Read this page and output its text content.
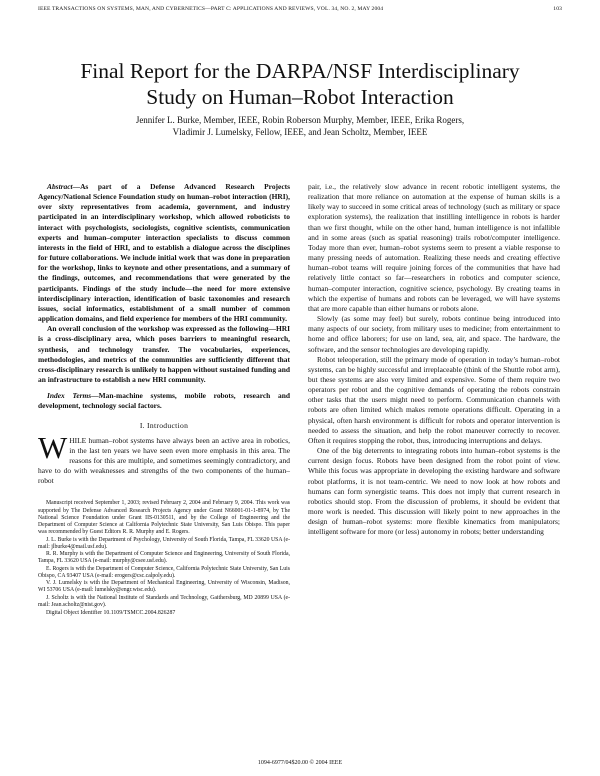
IEEE TRANSACTIONS ON SYSTEMS, MAN, AND CYBERNETICS—PART C: APPLICATIONS AND REVIEWS, VOL. 34, NO. 2, MAY 2004	103
Final Report for the DARPA/NSF Interdisciplinary
Study on Human–Robot Interaction
Jennifer L. Burke, Member, IEEE, Robin Roberson Murphy, Member, IEEE, Erika Rogers,
Vladimir J. Lumelsky, Fellow, IEEE, and Jean Scholtz, Member, IEEE

Abstract—As part of a Defense Advanced Research Projects Agency/National Science Foundation study on human–robot interaction (HRI), over sixty representatives from academia, government, and industry participated in an interdisciplinary workshop, which allowed roboticists to interact with psychologists, sociologists, cognitive scientists, communication experts and human–computer interaction specialists to discuss common interests in the field of HRI, and to establish a dialogue across the disciplines for future collaborations. We include initial work that was done in preparation for the workshop, links to keynote and other presentations, and a summary of the findings, outcomes, and recommendations that were generated by the participants. Findings of the study include—the need for more extensive interdisciplinary interaction, identification of basic taxonomies and research issues, social informatics, establishment of a small number of common application domains, and field experience for members of the HRI community.

An overall conclusion of the workshop was expressed as the following—HRI is a cross-disciplinary area, which poses barriers to meaningful research, synthesis, and technology transfer. The vocabularies, experiences, methodologies, and metrics of the communities are sufficiently different that cross-disciplinary research is unlikely to happen without sustained funding and an infrastructure to establish a new HRI community.

Index Terms—Man-machine systems, mobile robots, research and development, technology social factors.

I. Introduction

WHILE human–robot systems have always been an active area in robotics, in the last ten years we have seen even more emphasis in this area. The reasons for this are multiple, and sometimes seemingly contradictory, and have to do with weaknesses and strengths of the two components of the human–robot

Manuscript received September 1, 2003; revised February 2, 2004 and February 9, 2004. This work was supported by The Defense Advanced Research Projects Agency under Grant N66001-01-1-8974, by The National Science Foundation under Grant IIS-0130511, and by the College of Engineering and the Department of Computer Science at California Polytechnic State University, San Luis Obispo. This paper was recommended by Guest Editors R. R. Murphy and E. Rogers.
J. L. Burke is with the Department of Psychology, University of South Florida, Tampa, FL 33620 USA (e-mail: jlburke4@mail.usf.edu).
R. R. Murphy is with the Department of Computer Science and Engineering, University of South Florida, Tampa, FL 33620 USA (e-mail: murphy@csee.usf.edu).
E. Rogers is with the Department of Computer Science, California Polytechnic State University, San Luis Obispo, CA 93407 USA (e-mail: erogers@csc.calpoly.edu).
V. J. Lumelsky is with the Department of Mechanical Engineering, University of Wisconsin, Madison, WI 53706 USA (e-mail: lumelsky@engr.wisc.edu).
J. Scholtz is with the National Institute of Standards and Technology, Gaithersburg, MD 20899 USA (e-mail: Jean.scholtz@nist.gov).
Digital Object Identifier 10.1109/TSMCC.2004.826287

pair, i.e., the relatively slow advance in recent robotic intelligent systems, the realization that more reliance on automation at the expense of human skills is a likely way to succeed in some critical areas of technology (such as military or space exploration systems), the realization that instilling intelligence in robots is harder than we first thought, while on the other hand, human intelligence is not infallible and in some areas (such as spatial reasoning) trails robot/computer intelligence. Today more than ever, human–robot systems seem to present a viable response to many pressing needs of automation. Realizing these needs and creating effective human–robot teams will require joining forces of the communities that have had relatively little contact so far—researchers in robotics and computer science, human–computer interaction, cognitive science, psychology. By creating teams in which the expertise of humans and robots can be leveraged, we will have systems that are more capable than either humans or robots alone.

Slowly (as some may feel) but surely, robots continue being introduced into many aspects of our society, from military uses to medicine; from entertainment to home and office laborers; for use on land, sea, air, and space. The hardware, the software, and the sensor technologies are developing rapidly.

Robot teleoperation, still the primary mode of operation in today’s human–robot systems, can be highly successful and irreplaceable (think of the Shuttle robot arm), but these systems are also very limited and expensive. Some of them require two operators per robot and the cognitive demands of operating the robots constrain other tasks that the users might need to perform. Communication channels with robots are often limited which makes remote operations difficult. Operating in a physical, often harsh environment is difficult for robots and operator intervention is needed to assess the situation, and help the robot maneuver correctly to recover. Often it requires stopping the robot, thus, introducing interruptions and delays.

One of the big deterrents to integrating robots into human–robot systems is the current design focus. Robots have been designed from the robot point of view. While this focus was appropriate in developing the existing hardware and software robot platforms, it is not team-centric. We need to now look at how robots and humans can form synergistic teams. This does not imply that current research in robotics should stop. From the discussion of problems, it should be evident that more work is needed. This discussion will likely point to new approaches in the design of human–robot systems: more flexible kinematics from manipulators; intelligent software for more (or less) autonomy in robots; better understanding

1094-6977/04$20.00 © 2004 IEEE
